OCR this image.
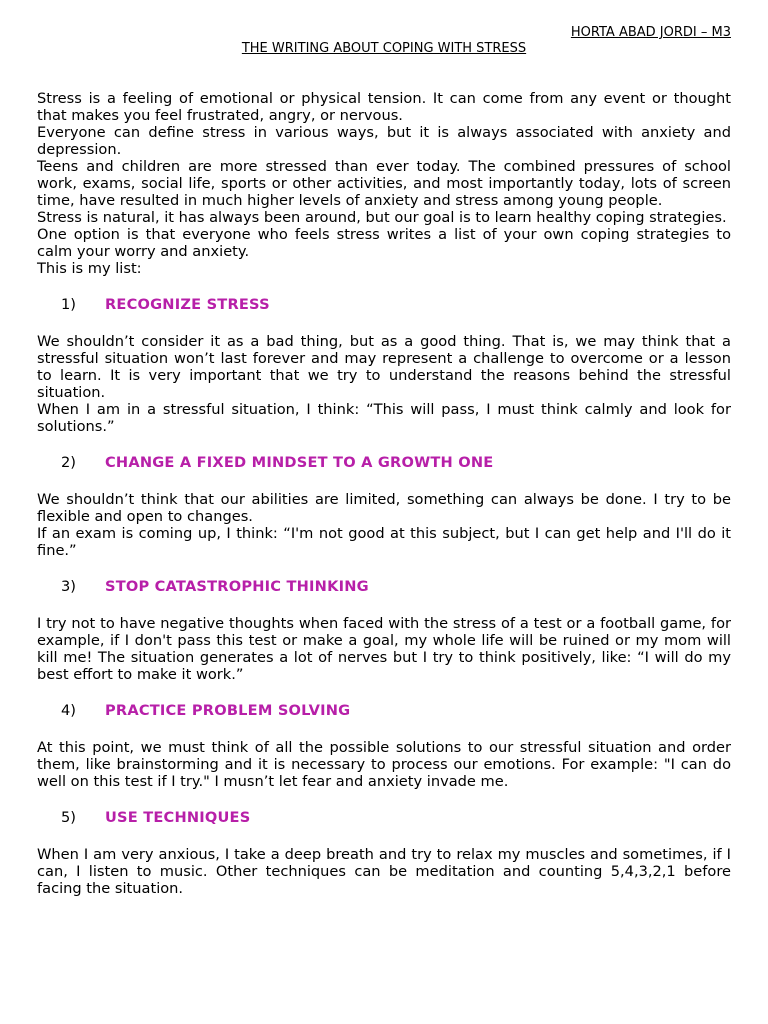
HORTA ABAD JORDI – M3
THE WRITING ABOUT COPING WITH STRESS

Stress is a feeling of emotional or physical tension. It can come from any event or thought that makes you feel frustrated, angry, or nervous.

Everyone can define stress in various ways, but it is always associated with anxiety and depression.

Teens and children are more stressed than ever today. The combined pressures of school work, exams, social life, sports or other activities, and most importantly today, lots of screen time, have resulted in much higher levels of anxiety and stress among young people.

Stress is natural, it has always been around, but our goal is to learn healthy coping strategies.

One option is that everyone who feels stress writes a list of your own coping strategies to calm your worry and anxiety.

This is my list:

1)	RECOGNIZE STRESS

We shouldn’t consider it as a bad thing, but as a good thing. That is, we may think that a stressful situation won’t last forever and may represent a challenge to overcome or a lesson to learn. It is very important that we try to understand the reasons behind the stressful situation.

When I am in a stressful situation, I think: “This will pass, I must think calmly and look for solutions.”

2)	CHANGE A FIXED MINDSET TO A GROWTH ONE

We shouldn’t think that our abilities are limited, something can always be done. I try to be flexible and open to changes.

If an exam is coming up, I think: “I'm not good at this subject, but I can get help and I'll do it fine.”

3)	STOP CATASTROPHIC THINKING

I try not to have negative thoughts when faced with the stress of a test or a football game, for example, if I don't pass this test or make a goal, my whole life will be ruined or my mom will kill me! The situation generates a lot of nerves but I try to think positively, like: “I will do my best effort to make it work.”

4)	PRACTICE PROBLEM SOLVING

At this point, we must think of all the possible solutions to our stressful situation and order them, like brainstorming and it is necessary to process our emotions. For example: "I can do well on this test if I try." I musn’t let fear and anxiety invade me.

5)	USE TECHNIQUES

When I am very anxious, I take a deep breath and try to relax my muscles and sometimes, if I can, I listen to music. Other techniques can be meditation and counting 5,4,3,2,1 before facing the situation.
